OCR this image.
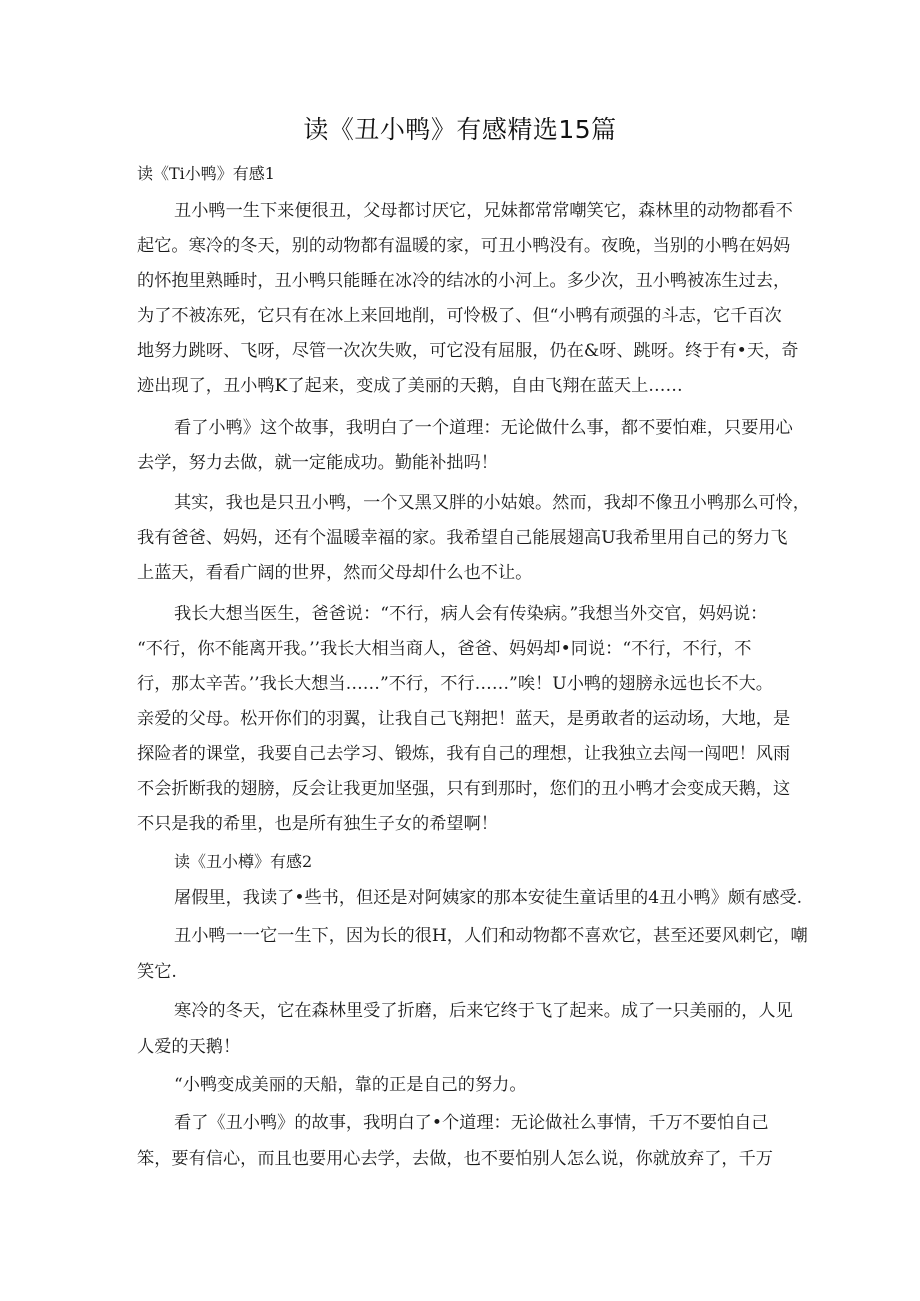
读《丑小鸭》有感精选15篇
读《Ti小鸭》有感1
丑小鸭一生下来便很丑，父母都讨厌它，兄妹都常常嘲笑它，森林里的动物都看不
起它。寒冷的冬天，别的动物都有温暖的家，可丑小鸭没有。夜晚，当别的小鸭在妈妈
的怀抱里熟睡时，丑小鸭只能睡在冰冷的结冰的小河上。多少次，丑小鸭被冻生过去，
为了不被冻死，它只有在冰上来回地削，可怜极了、但“小鸭有顽强的斗志，它千百次
地努力跳呀、飞呀，尽管一次次失败，可它没有屈服，仍在&呀、跳呀。终于有•天，奇
迹出现了，丑小鸭K了起来，变成了美丽的天鹅，自由飞翔在蓝天上……
看了小鸭》这个故事，我明白了一个道理：无论做什么事，都不要怕难，只要用心
去学，努力去做，就一定能成功。勤能补拙吗！
其实，我也是只丑小鸭，一个又黑又胖的小姑娘。然而，我却不像丑小鸭那么可怜，
我有爸爸、妈妈，还有个温暖幸福的家。我希望自己能展翅高U我希里用自己的努力飞
上蓝天，看看广阔的世界，然而父母却什么也不让。
我长大想当医生，爸爸说：“不行，病人会有传染病。”我想当外交官，妈妈说：
“不行，你不能离开我。’’我长大相当商人，爸爸、妈妈却•同说：“不行，不行，不
行，那太辛苦。’’我长大想当……”不行，不行……”唉！U小鸭的翅膀永远也长不大。
亲爱的父母。松开你们的羽翼，让我自己飞翔把！蓝天，是勇敢者的运动场，大地，是
探险者的课堂，我要自己去学习、锻炼，我有自己的理想，让我独立去闯一闯吧！风雨
不会折断我的翅膀，反会让我更加坚强，只有到那时，您们的丑小鸭才会变成天鹅，这
不只是我的希里，也是所有独生子女的希望啊！
读《丑小樽》有感2
屠假里，我读了•些书，但还是对阿姨家的那本安徒生童话里的4丑小鸭》颇有感受.
丑小鸭一一它一生下，因为长的很H，人们和动物都不喜欢它，甚至还要风刺它，嘲
笑它.
寒冷的冬天，它在森林里受了折磨，后来它终于飞了起来。成了一只美丽的，人见
人爱的天鹅！
“小鸭变成美丽的天船，靠的正是自己的努力。
看了《丑小鸭》的故事，我明白了•个道理：无论做社么事情，千万不要怕自己
笨，要有信心，而且也要用心去学，去做，也不要怕别人怎么说，你就放弃了，千万
